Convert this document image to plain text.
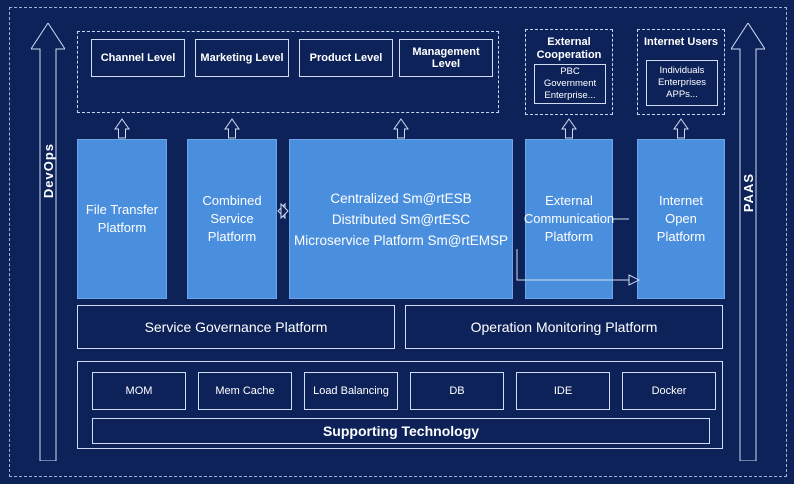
DevOps	PAAS
Channel Level Marketing Level Product Level	Management Level
External Cooperation
PBC Government Enterprise...
Internet Users
Individuals Enterprises APPs...
File Transfer Platform
Combined Service Platform
Centralized Sm@rtESB
Distributed Sm@rtESC
Microservice Platform Sm@rtEMSP
External Communication Platform
Internet Open Platform
Service Governance Platform	Operation Monitoring Platform
MOM	Mem Cache	Load Balancing	DB	IDE	Docker
Supporting Technology
